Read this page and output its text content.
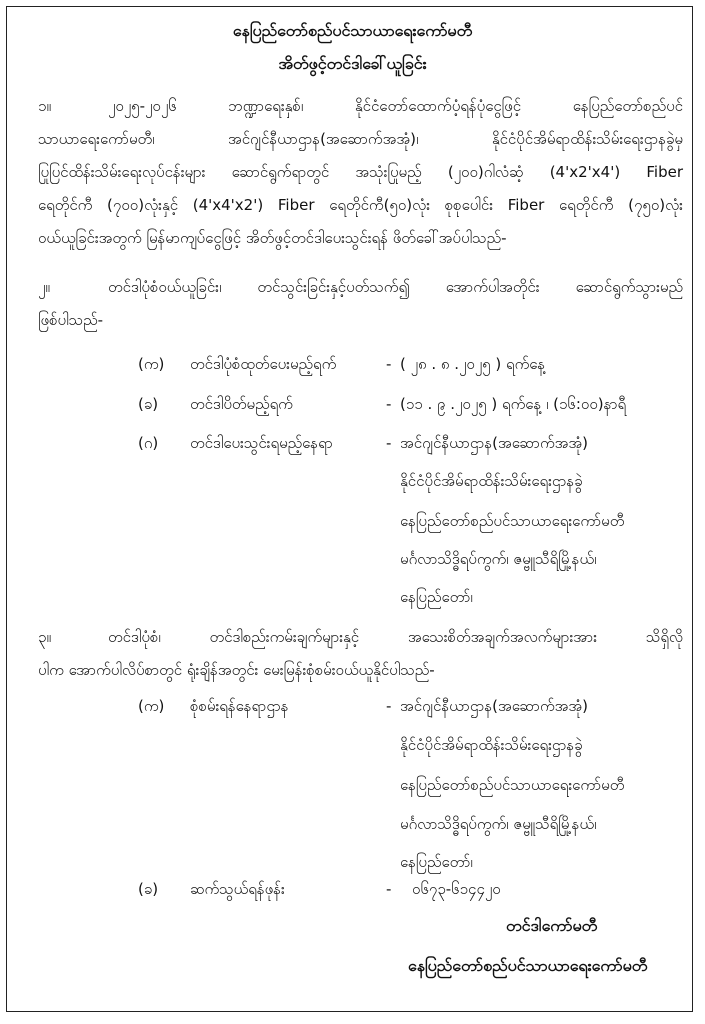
နေပြည်တော်စည်ပင်သာယာရေးကော်မတီ
အိတ်ဖွင့်တင်ဒါခေါ်ယူခြင်း
၁။	၂၀၂၅-၂၀၂၆ ဘဏ္ဍာရေးနှစ်၊ နိုင်ငံတော်ထောက်ပံ့ရန်ပုံငွေဖြင့် နေပြည်တော်စည်ပင်
သာယာရေးကော်မတီ၊ အင်ဂျင်နီယာဌာန(အဆောက်အအုံ)၊ နိုင်ငံပိုင်အိမ်ရာထိန်းသိမ်းရေးဌာနခွဲမှ
ပြုပြင်ထိန်းသိမ်းရေးလုပ်ငန်းများ ဆောင်ရွက်ရာတွင် အသုံးပြုမည့် (၂၀၀)ဂါလံဆံ့ (4'x2'x4') Fiber
ရေတိုင်ကီ (၇၀၀)လုံးနှင့် (4'x4'x2') Fiber ရေတိုင်ကီ(၅၀)လုံး စုစုပေါင်း Fiber ရေတိုင်ကီ (၇၅၀)လုံး
ဝယ်ယူခြင်းအတွက် မြန်မာကျပ်ငွေဖြင့် အိတ်ဖွင့်တင်ဒါပေးသွင်းရန် ဖိတ်ခေါ်အပ်ပါသည်-
၂။	တင်ဒါပုံစံဝယ်ယူခြင်း၊ တင်သွင်းခြင်းနှင့်ပတ်သက်၍ အောက်ပါအတိုင်း ဆောင်ရွက်သွားမည်
ဖြစ်ပါသည်-
(က) တင်ဒါပုံစံထုတ်ပေးမည့်ရက်	- ( ၂၈ . ၈ .၂၀၂၅ ) ရက်နေ့
(ခ) တင်ဒါပိတ်မည့်ရက်	- (၁၁ . ၉ .၂၀၂၅ ) ရက်နေ့ ၊ (၁၆:၀၀)နာရီ
(ဂ) တင်ဒါပေးသွင်းရမည့်နေရာ	- အင်ဂျင်နီယာဌာန(အဆောက်အအုံ)
နိုင်ငံပိုင်အိမ်ရာထိန်းသိမ်းရေးဌာနခွဲ
နေပြည်တော်စည်ပင်သာယာရေးကော်မတီ
မင်္ဂလာသိဒ္ဓိရပ်ကွက်၊ ဇမ္ဗူသီရိမြို့နယ်၊
နေပြည်တော်၊
၃။	တင်ဒါပုံစံ၊ တင်ဒါစည်းကမ်းချက်များနှင့် အသေးစိတ်အချက်အလက်များအား သိရှိလို
ပါက အောက်ပါလိပ်စာတွင် ရုံးချိန်အတွင်း မေးမြန်းစုံစမ်းဝယ်ယူနိုင်ပါသည်-
(က) စုံစမ်းရန်နေရာဌာန	- အင်ဂျင်နီယာဌာန(အဆောက်အအုံ)
နိုင်ငံပိုင်အိမ်ရာထိန်းသိမ်းရေးဌာနခွဲ
နေပြည်တော်စည်ပင်သာယာရေးကော်မတီ
မင်္ဂလာသိဒ္ဓိရပ်ကွက်၊ ဇမ္ဗူသီရိမြို့နယ်၊
နေပြည်တော်၊
(ခ) ဆက်သွယ်ရန်ဖုန်း	- ၀၆၇၃-၆၁၄၄၂၀
တင်ဒါကော်မတီ
နေပြည်တော်စည်ပင်သာယာရေးကော်မတီ
